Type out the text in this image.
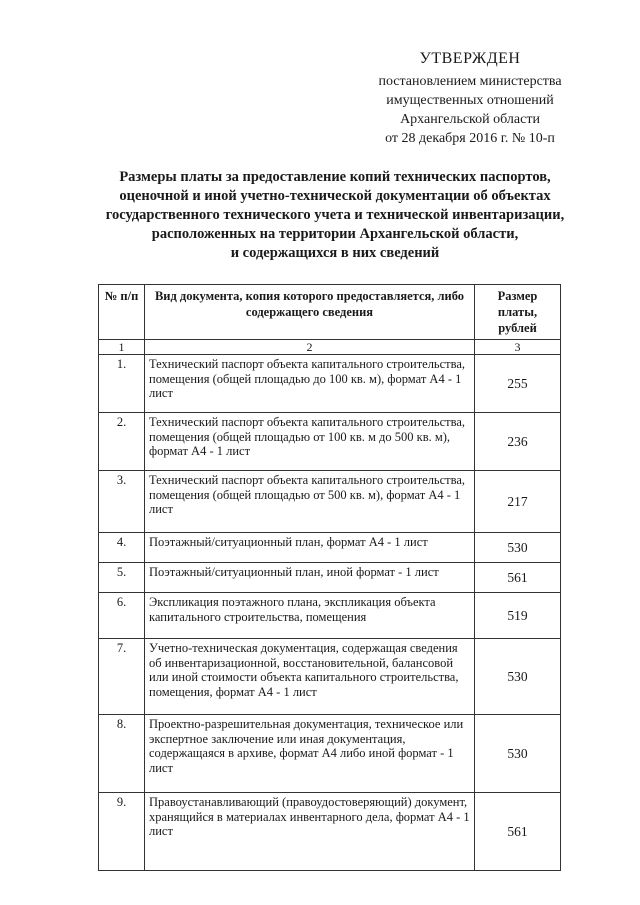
УТВЕРЖДЕН
постановлением министерства
имущественных отношений
Архангельской области
от 28 декабря 2016 г. № 10-п
Размеры платы за предоставление копий технических паспортов,
оценочной и иной учетно-технической документации об объектах
государственного технического учета и технической инвентаризации,
расположенных на территории Архангельской области,
и содержащихся в них сведений
№ п/п	Вид документа, копия которого предоставляется, либо содержащего сведения	Размер платы, рублей
1	2	3
1.	Технический паспорт объекта капитального строительства, помещения (общей площадью до 100 кв. м), формат А4 - 1 лист	255
2.	Технический паспорт объекта капитального строительства, помещения (общей площадью от 100 кв. м до 500 кв. м), формат А4 - 1 лист	236
3.	Технический паспорт объекта капитального строительства, помещения (общей площадью от 500 кв. м), формат А4 - 1 лист	217
4.	Поэтажный/ситуационный план, формат А4 - 1 лист	530
5.	Поэтажный/ситуационный план, иной формат - 1 лист	561
6.	Экспликация поэтажного плана, экспликация объекта капитального строительства, помещения	519
7.	Учетно-техническая документация, содержащая сведения об инвентаризационной, восстановительной, балансовой или иной стоимости объекта капитального строительства, помещения, формат А4 - 1 лист	530
8.	Проектно-разрешительная документация, техническое или экспертное заключение или иная документация, содержащаяся в архиве, формат А4 либо иной формат - 1 лист	530
9.	Правоустанавливающий (правоудостоверяющий) документ, хранящийся в материалах инвентарного дела, формат А4 - 1 лист	561
